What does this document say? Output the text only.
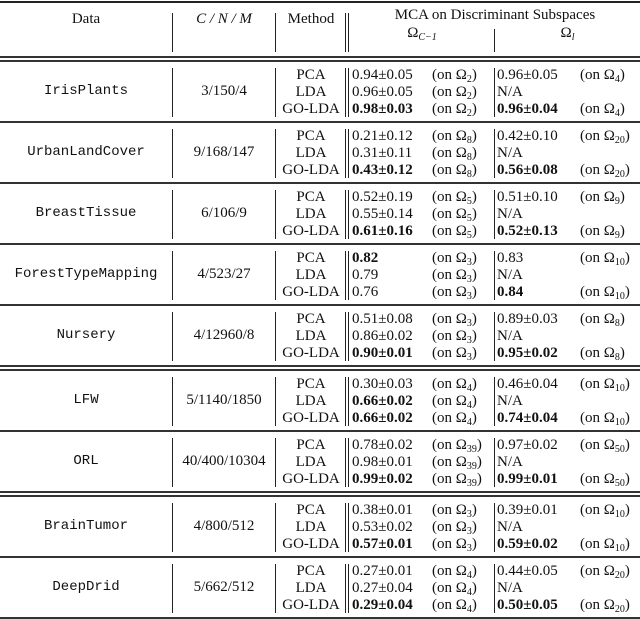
Data	C / N / M	Method	MCA on Discriminant Subspaces
$\Omega_{C-1}$	$\Omega_l$
IrisPlants	3/150/4
PCA	0.94±0.05 (on $\Omega_2$) 0.96±0.05 (on $\Omega_4$)
LDA	0.96±0.05 (on $\Omega_2$) N/A
GO-LDA 0.98±0.03 (on $\Omega_2$) 0.96±0.04 (on $\Omega_4$)
UrbanLandCover	9/168/147
PCA	0.21±0.12 (on $\Omega_8$) 0.42±0.10 (on $\Omega_{20}$)
LDA	0.31±0.11 (on $\Omega_8$) N/A
GO-LDA 0.43±0.12 (on $\Omega_8$) 0.56±0.08 (on $\Omega_{20}$)
BreastTissue	6/106/9
PCA	0.52±0.19 (on $\Omega_5$) 0.51±0.10 (on $\Omega_9$)
LDA	0.55±0.14 (on $\Omega_5$) N/A
GO-LDA 0.61±0.16 (on $\Omega_5$) 0.52±0.13 (on $\Omega_9$)
ForestTypeMapping	4/523/27
PCA	0.82	(on $\Omega_3$) 0.83	(on $\Omega_{10}$)
LDA	0.79	(on $\Omega_3$) N/A
GO-LDA 0.76	(on $\Omega_3$) 0.84	(on $\Omega_{10}$)
Nursery	4/12960/8
PCA	0.51±0.08 (on $\Omega_3$) 0.89±0.03 (on $\Omega_8$)
LDA	0.86±0.02 (on $\Omega_3$) N/A
GO-LDA 0.90±0.01 (on $\Omega_3$) 0.95±0.02 (on $\Omega_8$)
LFW	5/1140/1850
PCA	0.30±0.03 (on $\Omega_4$) 0.46±0.04 (on $\Omega_{10}$)
LDA	0.66±0.02 (on $\Omega_4$) N/A
GO-LDA 0.66±0.02 (on $\Omega_4$) 0.74±0.04 (on $\Omega_{10}$)
ORL	40/400/10304
PCA	0.78±0.02 (on $\Omega_{39}$) 0.97±0.02 (on $\Omega_{50}$)
LDA	0.98±0.01 (on $\Omega_{39}$) N/A
GO-LDA 0.99±0.02 (on $\Omega_{39}$) 0.99±0.01 (on $\Omega_{50}$)
BrainTumor	4/800/512
PCA	0.38±0.01 (on $\Omega_3$) 0.39±0.01 (on $\Omega_{10}$)
LDA	0.53±0.02 (on $\Omega_3$) N/A
GO-LDA 0.57±0.01 (on $\Omega_3$) 0.59±0.02 (on $\Omega_{10}$)
DeepDrid	5/662/512
PCA	0.27±0.01 (on $\Omega_4$) 0.44±0.05 (on $\Omega_{20}$)
LDA	0.27±0.04 (on $\Omega_4$) N/A
GO-LDA 0.29±0.04 (on $\Omega_4$) 0.50±0.05 (on $\Omega_{20}$)
